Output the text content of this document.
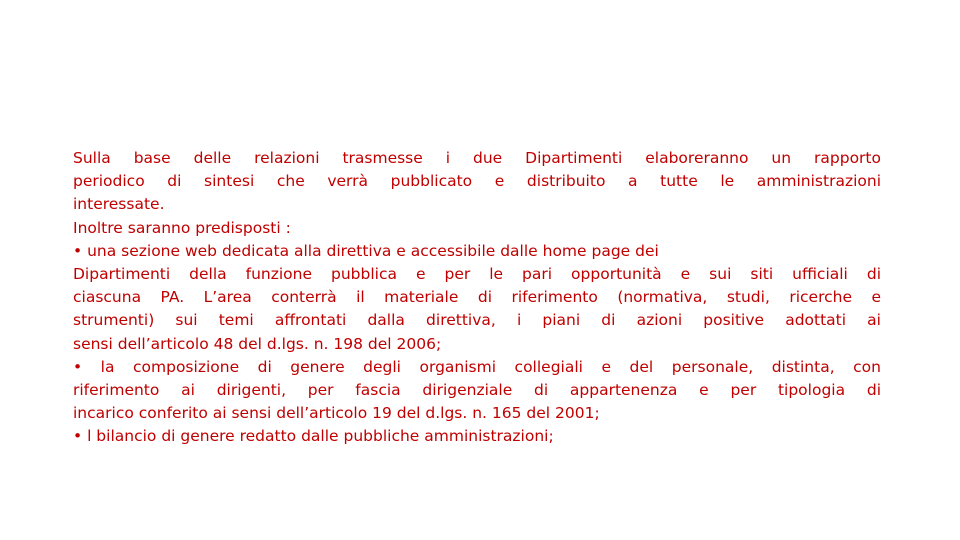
Sulla base delle relazioni trasmesse i due Dipartimenti elaboreranno un rapporto

periodico di sintesi che verrà pubblicato e distribuito a tutte le amministrazioni

interessate.

Inoltre saranno predisposti :

• una sezione web dedicata alla direttiva e accessibile dalle home page dei

Dipartimenti della funzione pubblica e per le pari opportunità e sui siti ufficiali di

ciascuna PA. L’area conterrà il materiale di riferimento (normativa, studi, ricerche e

strumenti) sui temi affrontati dalla direttiva, i piani di azioni positive adottati ai

sensi dell’articolo 48 del d.lgs. n. 198 del 2006;

• la composizione di genere degli organismi collegiali e del personale, distinta, con

riferimento ai dirigenti, per fascia dirigenziale di appartenenza e per tipologia di

incarico conferito ai sensi dell’articolo 19 del d.lgs. n. 165 del 2001;

• l bilancio di genere redatto dalle pubbliche amministrazioni;
